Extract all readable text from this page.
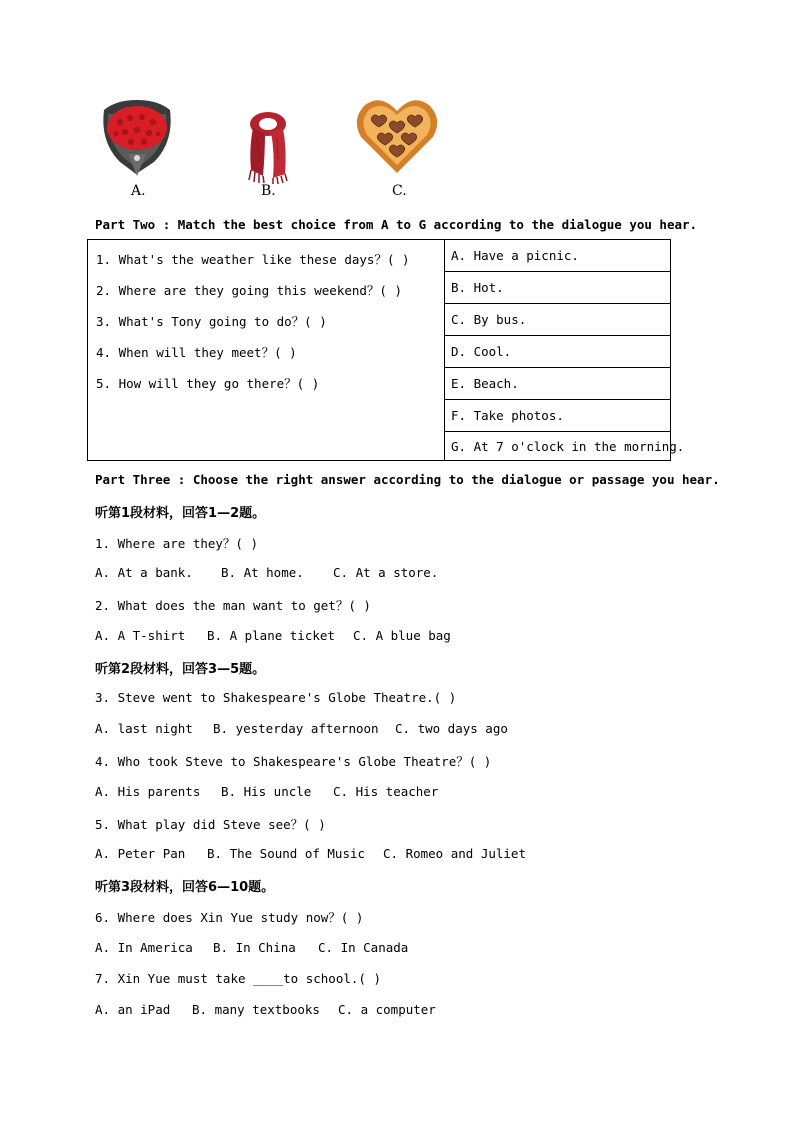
A.	B.	C.
Part Two : Match the best choice from A to G according to the dialogue you hear.
1. What's the weather like these days？( )
2. Where are they going this weekend？( )
3. What's Tony going to do？( )
4. When will they meet？( )
5. How will they go there？( )
A. Have a picnic.
B. Hot.
C. By bus.
D. Cool.
E. Beach.
F. Take photos.
G. At 7 o'clock in the morning.
Part Three : Choose the right answer according to the dialogue or passage you hear.
听第1段材料，回答1—2题。
1. Where are they？( )
A. At a bank. B. At home. C. At a store.
2. What does the man want to get？( )
A. A T-shirt B. A plane ticket C. A blue bag
听第2段材料，回答3—5题。
3. Steve went to Shakespeare's Globe Theatre.( )
A. last night B. yesterday afternoon C. two days ago
4. Who took Steve to Shakespeare's Globe Theatre？( )
A. His parents B. His uncle C. His teacher
5. What play did Steve see？( )
A. Peter Pan B. The Sound of Music C. Romeo and Juliet
听第3段材料，回答6—10题。
6. Where does Xin Yue study now？( )
A. In America B. In China C. In Canada
7. Xin Yue must take ____to school.( )
A. an iPad B. many textbooks C. a computer
